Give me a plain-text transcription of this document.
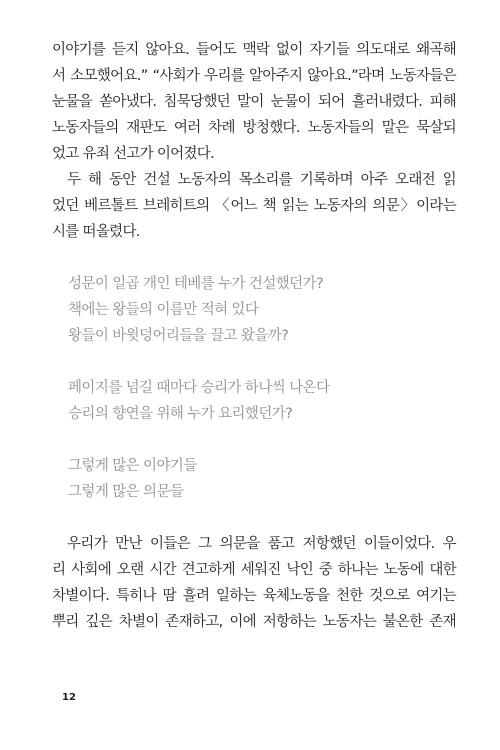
이야기를 듣지 않아요. 들어도 맥락 없이 자기들 의도대로 왜곡해
서 소모했어요.” “사회가 우리를 알아주지 않아요.”라며 노동자들은
눈물을 쏟아냈다. 침묵당했던 말이 눈물이 되어 흘러내렸다. 피해
노동자들의 재판도 여러 차례 방청했다. 노동자들의 말은 묵살되
었고 유죄 선고가 이어졌다.
두 해 동안 건설 노동자의 목소리를 기록하며 아주 오래전 읽
었던 베르톨트 브레히트의 〈어느 책 읽는 노동자의 의문〉이라는
시를 떠올렸다.
성문이 일곱 개인 테베를 누가 건설했던가?
책에는 왕들의 이름만 적혀 있다
왕들이 바윗덩어리들을 끌고 왔을까?
페이지를 넘길 때마다 승리가 하나씩 나온다
승리의 향연을 위해 누가 요리했던가?
그렇게 많은 이야기들
그렇게 많은 의문들
우리가 만난 이들은 그 의문을 품고 저항했던 이들이었다. 우
리 사회에 오랜 시간 견고하게 세워진 낙인 중 하나는 노동에 대한
차별이다. 특히나 땀 흘려 일하는 육체노동을 천한 것으로 여기는
뿌리 깊은 차별이 존재하고, 이에 저항하는 노동자는 불온한 존재
12
